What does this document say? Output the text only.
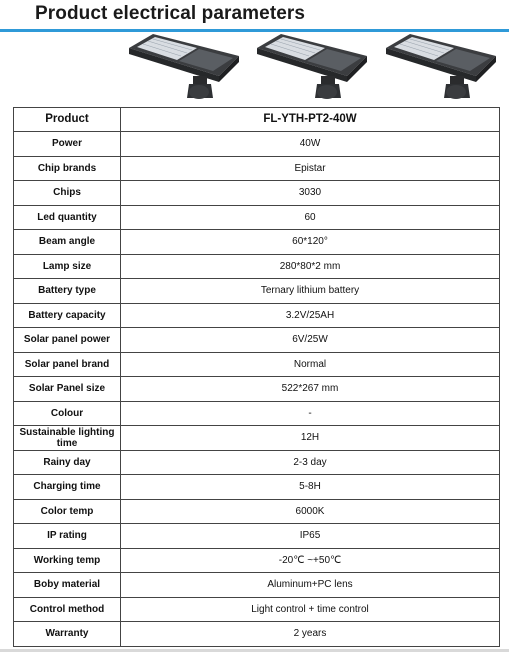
Product electrical parameters
Product	FL-YTH-PT2-40W
Power	40W
Chip brands	Epistar
Chips	3030
Led quantity	60
Beam angle	60*120°
Lamp size	280*80*2 mm
Battery type	Ternary lithium battery
Battery capacity	3.2V/25AH
Solar panel power	6V/25W
Solar panel brand	Normal
Solar Panel size	522*267 mm
Colour	-
Sustainable lighting time	12H
Rainy day	2-3 day
Charging time	5-8H
Color temp	6000K
IP rating	IP65
Working temp	-20℃ ~+50℃
Boby material	Aluminum+PC lens
Control method	Light control + time control
Warranty	2 years
